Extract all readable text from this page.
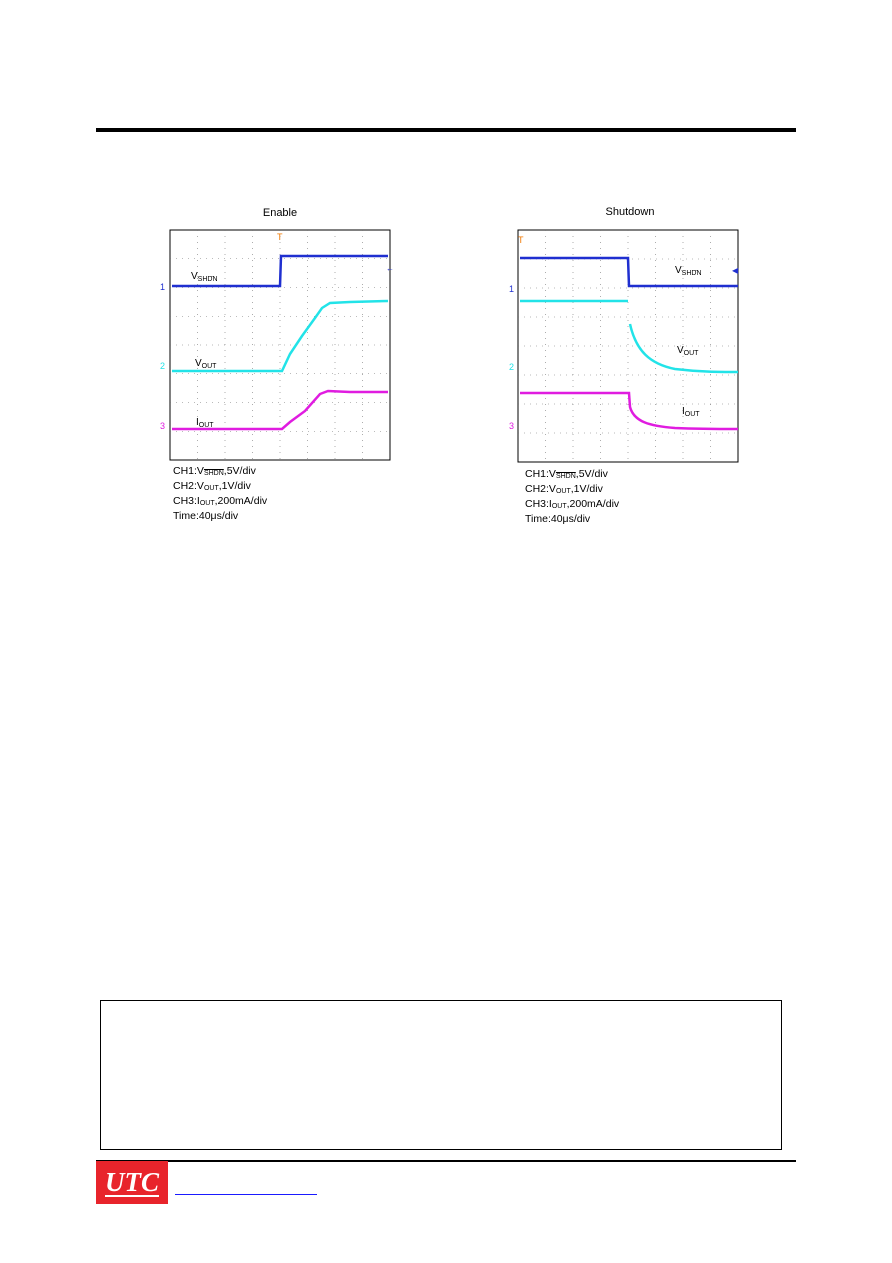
Enable
T
1
2
3
←
$V_{SHDN}$
$V_{OUT}$
$I_{OUT}$
CH1:VSHDN,5V/div
CH2:VOUT,1V/div
CH3:IOUT,200mA/div
Time:40μs/div
Shutdown
T
1
2
3
◀
$V_{SHDN}$
$V_{OUT}$
$I_{OUT}$
CH1:VSHDN,5V/div
CH2:VOUT,1V/div
CH3:IOUT,200mA/div
Time:40μs/div
UTC
